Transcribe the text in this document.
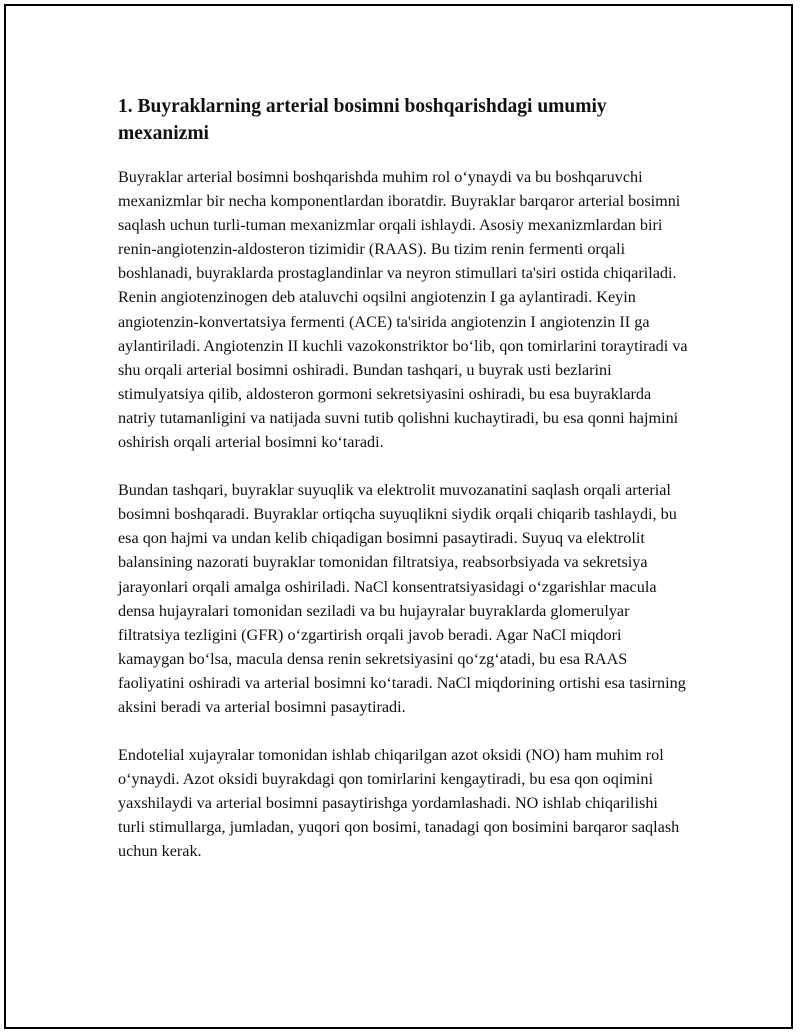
1. Buyraklarning arterial bosimni boshqarishdagi umumiy mexanizmi

Buyraklar arterial bosimni boshqarishda muhim rol oʻynaydi va bu boshqaruvchi mexanizmlar bir necha komponentlardan iboratdir. Buyraklar barqaror arterial bosimni saqlash uchun turli-tuman mexanizmlar orqali ishlaydi. Asosiy mexanizmlardan biri renin-angiotenzin-aldosteron tizimidir (RAAS). Bu tizim renin fermenti orqali boshlanadi, buyraklarda prostaglandinlar va neyron stimullari ta'siri ostida chiqariladi. Renin angiotenzinogen deb ataluvchi oqsilni angiotenzin I ga aylantiradi. Keyin angiotenzin-konvertatsiya fermenti (ACE) ta'sirida angiotenzin I angiotenzin II ga aylantiriladi. Angiotenzin II kuchli vazokonstriktor boʻlib, qon tomirlarini toraytiradi va shu orqali arterial bosimni oshiradi. Bundan tashqari, u buyrak usti bezlarini stimulyatsiya qilib, aldosteron gormoni sekretsiyasini oshiradi, bu esa buyraklarda natriy tutamanligini va natijada suvni tutib qolishni kuchaytiradi, bu esa qonni hajmini oshirish orqali arterial bosimni koʻtaradi.

Bundan tashqari, buyraklar suyuqlik va elektrolit muvozanatini saqlash orqali arterial bosimni boshqaradi. Buyraklar ortiqcha suyuqlikni siydik orqali chiqarib tashlaydi, bu esa qon hajmi va undan kelib chiqadigan bosimni pasaytiradi. Suyuq va elektrolit balansining nazorati buyraklar tomonidan filtratsiya, reabsorbsiyada va sekretsiya jarayonlari orqali amalga oshiriladi. NaCl konsentratsiyasidagi oʻzgarishlar macula densa hujayralari tomonidan seziladi va bu hujayralar buyraklarda glomerulyar filtratsiya tezligini (GFR) oʻzgartirish orqali javob beradi. Agar NaCl miqdori kamaygan boʻlsa, macula densa renin sekretsiyasini qoʻzgʻatadi, bu esa RAAS faoliyatini oshiradi va arterial bosimni koʻtaradi. NaCl miqdorining ortishi esa tasirning aksini beradi va arterial bosimni pasaytiradi.

Endotelial xujayralar tomonidan ishlab chiqarilgan azot oksidi (NO) ham muhim rol oʻynaydi. Azot oksidi buyrakdagi qon tomirlarini kengaytiradi, bu esa qon oqimini yaxshilaydi va arterial bosimni pasaytirishga yordamlashadi. NO ishlab chiqarilishi turli stimullarga, jumladan, yuqori qon bosimi, tanadagi qon bosimini barqaror saqlash uchun kerak.
